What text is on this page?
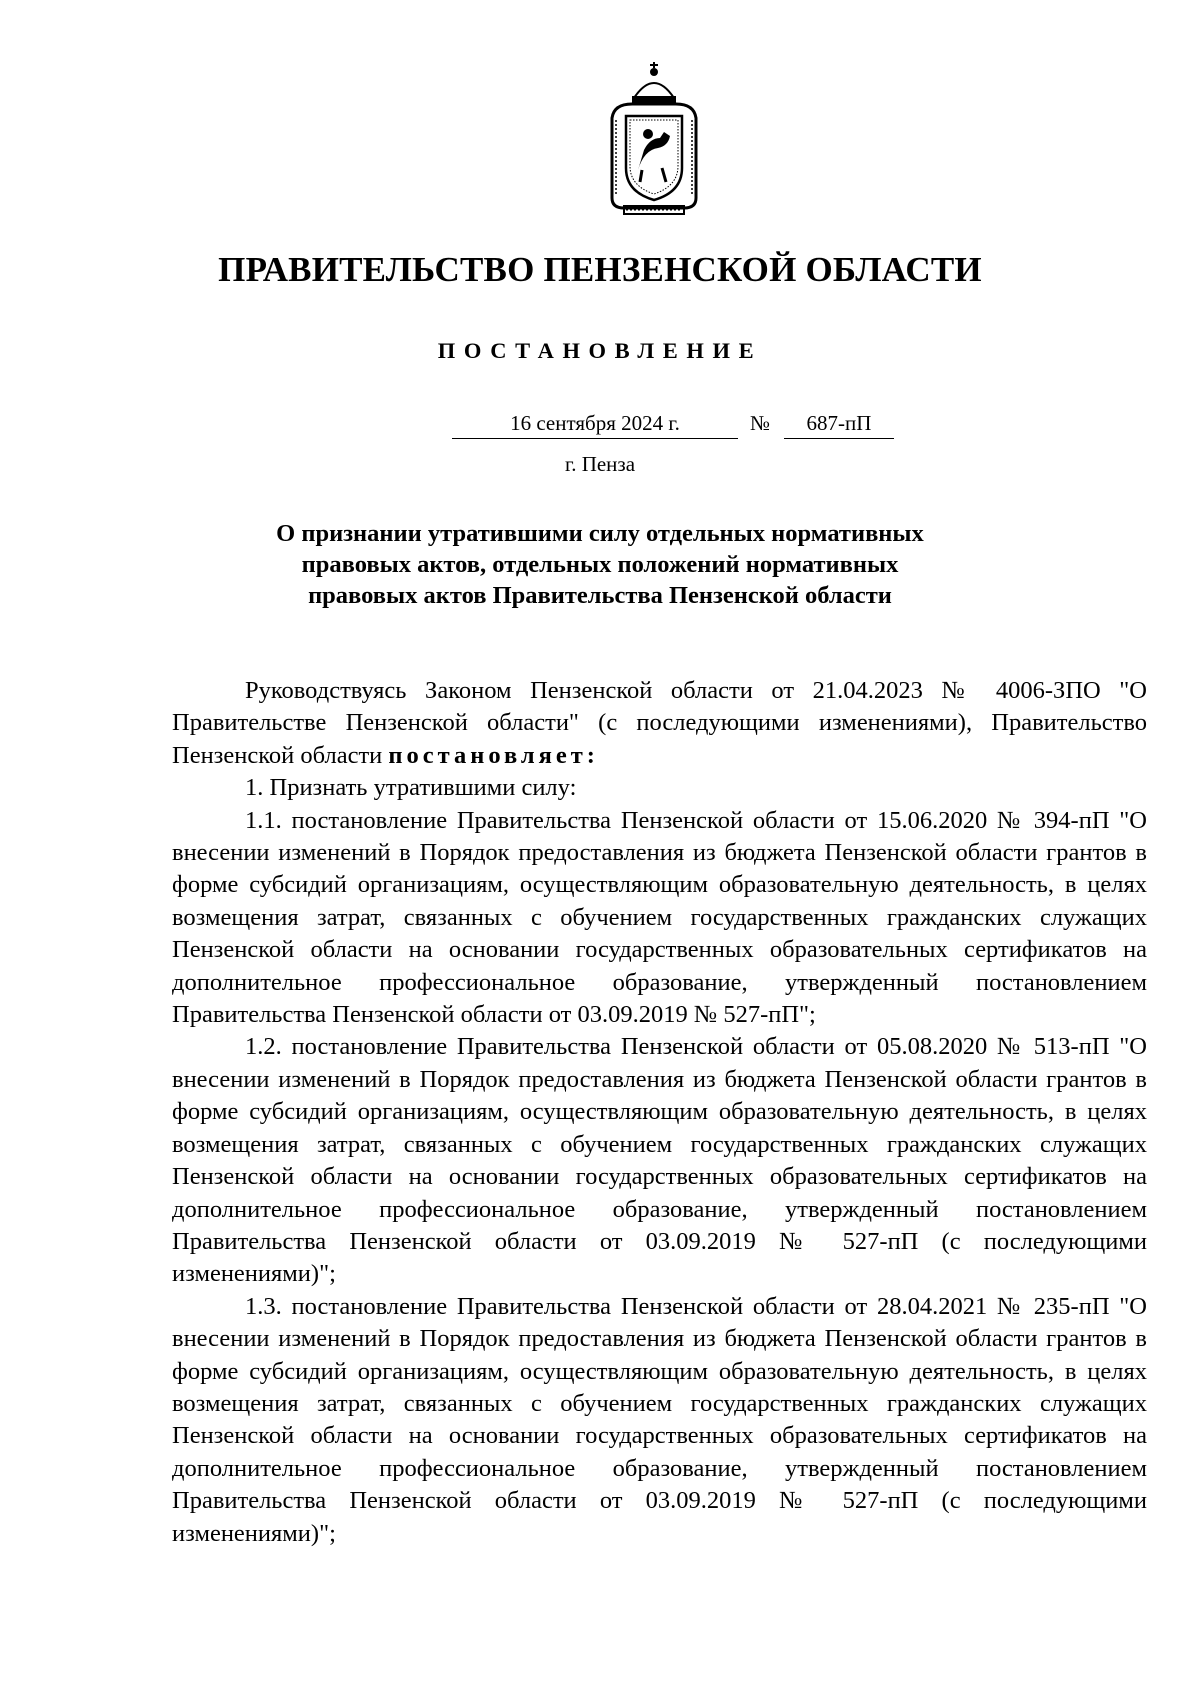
ПРАВИТЕЛЬСТВО ПЕНЗЕНСКОЙ ОБЛАСТИ
ПОСТАНОВЛЕНИЕ
16 сентября 2024 г.	№	687-пП
г. Пенза
О признании утратившими силу отдельных нормативных
правовых актов, отдельных положений нормативных
правовых актов Правительства Пензенской области

Руководствуясь Законом Пензенской области от 21.04.2023 № 4006-ЗПО "О Правительстве Пензенской области" (с последующими изменениями), Правительство Пензенской области постановляет:

1. Признать утратившими силу:

1.1. постановление Правительства Пензенской области от 15.06.2020 № 394-пП "О внесении изменений в Порядок предоставления из бюджета Пензенской области грантов в форме субсидий организациям, осуществляющим образовательную деятельность, в целях возмещения затрат, связанных с обучением государственных гражданских служащих Пензенской области на основании государственных образовательных сертификатов на дополнительное профессиональное образование, утвержденный постановлением Правительства Пензенской области от 03.09.2019 № 527-пП";

1.2. постановление Правительства Пензенской области от 05.08.2020 № 513-пП "О внесении изменений в Порядок предоставления из бюджета Пензенской области грантов в форме субсидий организациям, осуществляющим образовательную деятельность, в целях возмещения затрат, связанных с обучением государственных гражданских служащих Пензенской области на основании государственных образовательных сертификатов на дополнительное профессиональное образование, утвержденный постановлением Правительства Пензенской области от 03.09.2019 № 527-пП (с последующими изменениями)";

1.3. постановление Правительства Пензенской области от 28.04.2021 № 235-пП "О внесении изменений в Порядок предоставления из бюджета Пензенской области грантов в форме субсидий организациям, осуществляющим образовательную деятельность, в целях возмещения затрат, связанных с обучением государственных гражданских служащих Пензенской области на основании государственных образовательных сертификатов на дополнительное профессиональное образование, утвержденный постановлением Правительства Пензенской области от 03.09.2019 № 527-пП (с последующими изменениями)";
